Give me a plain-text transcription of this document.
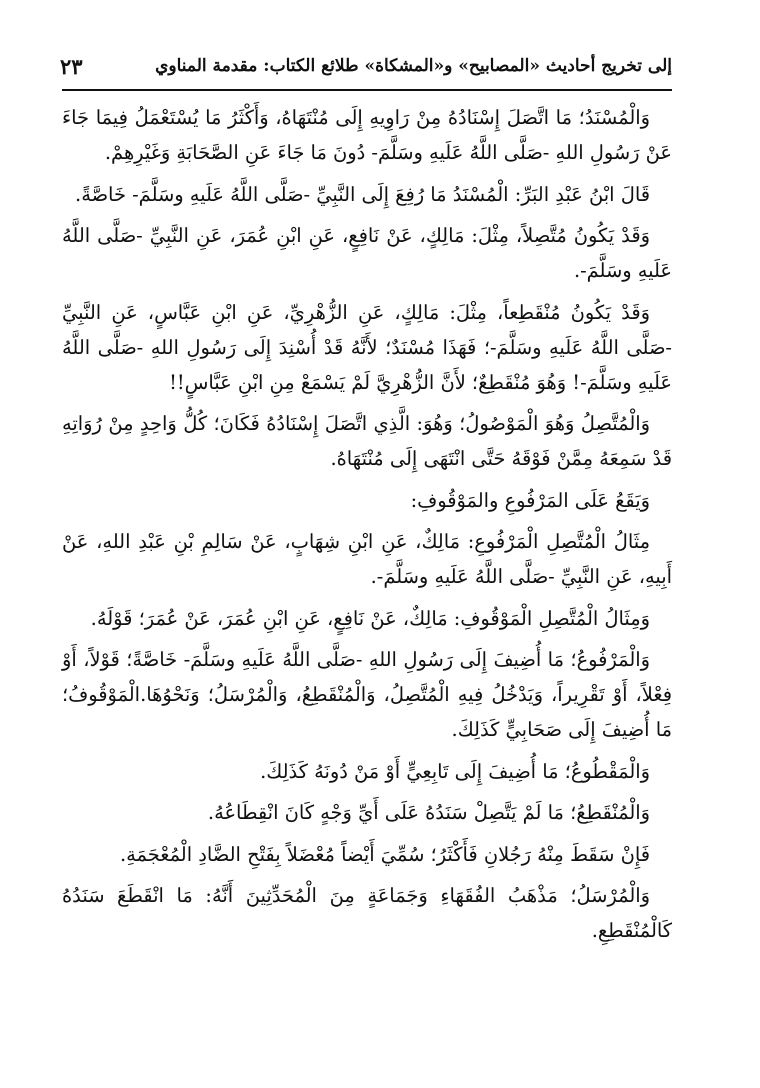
إلى تخريج أحاديث «المصابيح» و«المشكاة» طلائع الكتاب: مقدمة المناوي
٢٣

وَالْمُسْنَدُ؛ مَا اتَّصَلَ إِسْنَادُهُ مِنْ رَاوِيهِ إِلَى مُنْتَهَاهُ، وَأَكْثَرُ مَا يُسْتَعْمَلُ فِيمَا جَاءَ عَنْ رَسُولِ اللهِ -صَلَّى اللَّهُ عَلَيهِ وسَلَّمَ- دُونَ مَا جَاءَ عَنِ الصَّحَابَةِ وَغَيْرِهِمْ.

قَالَ ابْنُ عَبْدِ البَرِّ: الْمُسْنَدُ مَا رُفِعَ إِلَى النَّبِيِّ -صَلَّى اللَّهُ عَلَيهِ وسَلَّمَ- خَاصَّةً.

وَقَدْ يَكُونُ مُتَّصِلاً، مِثْلَ: مَالِكٍ، عَنْ نَافِعٍ، عَنِ ابْنِ عُمَرَ، عَنِ النَّبِيِّ -صَلَّى اللَّهُ عَلَيهِ وسَلَّمَ-.

وَقَدْ يَكُونُ مُنْقَطِعاً، مِثْلَ: مَالِكٍ، عَنِ الزُّهْرِيِّ، عَنِ ابْنِ عَبَّاسٍ، عَنِ النَّبِيِّ -صَلَّى اللَّهُ عَلَيهِ وسَلَّمَ-؛ فَهَذَا مُسْنَدٌ؛ لأَنَّهُ قَدْ أُسْنِدَ إِلَى رَسُولِ اللهِ -صَلَّى اللَّهُ عَلَيهِ وسَلَّمَ-! وَهُوَ مُنْقَطِعٌ؛ لأَنَّ الزُّهْرِيَّ لَمْ يَسْمَعْ مِنِ ابْنِ عَبَّاسٍ!!

وَالْمُتَّصِلُ وَهُوَ الْمَوْصُولُ؛ وَهُوَ: الَّذِي اتَّصَلَ إِسْنَادُهُ فَكَانَ؛ كُلُّ وَاحِدٍ مِنْ رُوَاتِهِ قَدْ سَمِعَهُ مِمَّنْ فَوْقَهُ حَتَّى انْتَهَى إِلَى مُنْتَهَاهُ.

وَيَقَعُ عَلَى المَرْفُوعِ والمَوْقُوفِ:

مِثَالُ الْمُتَّصِلِ الْمَرْفُوعِ: مَالِكٌ، عَنِ ابْنِ شِهَابٍ، عَنْ سَالِمِ بْنِ عَبْدِ اللهِ، عَنْ أَبِيهِ، عَنِ النَّبِيِّ -صَلَّى اللَّهُ عَلَيهِ وسَلَّمَ-.

وَمِثَالُ الْمُتَّصِلِ الْمَوْقُوفِ: مَالِكٌ، عَنْ نَافِعٍ، عَنِ ابْنِ عُمَرَ، عَنْ عُمَرَ؛ قَوْلَهُ.

وَالْمَرْفُوعُ؛ مَا أُضِيفَ إِلَى رَسُولِ اللهِ -صَلَّى اللَّهُ عَلَيهِ وسَلَّمَ- خَاصَّةً؛ قَوْلاً، أَوْ فِعْلاً، أَوْ تَقْرِيراً، وَيَدْخُلُ فِيهِ الْمُتَّصِلُ، وَالْمُنْقَطِعُ، وَالْمُرْسَلُ؛ وَنَحْوُهَا.الْمَوْقُوفُ؛ مَا أُضِيفَ إِلَى صَحَابِيٍّ كَذَلِكَ.

وَالْمَقْطُوعُ؛ مَا أُضِيفَ إِلَى تَابِعِيٍّ أَوْ مَنْ دُونَهُ كَذَلِكَ.

وَالْمُنْقَطِعُ؛ مَا لَمْ يَتَّصِلْ سَنَدُهُ عَلَى أَيِّ وَجْهٍ كَانَ انْقِطَاعُهُ.

فَإِنْ سَقَطَ مِنْهُ رَجُلانِ فَأَكْثَرُ؛ سُمِّيَ أَيْضاً مُعْضَلاً بِفَتْحِ الضَّادِ الْمُعْجَمَةِ.

وَالْمُرْسَلُ؛ مَذْهَبُ الفُقَهَاءِ وَجَمَاعَةٍ مِنَ الْمُحَدِّثِينَ أَنَّهُ: مَا انْقَطَعَ سَنَدُهُ كَالْمُنْقَطِعِ.
